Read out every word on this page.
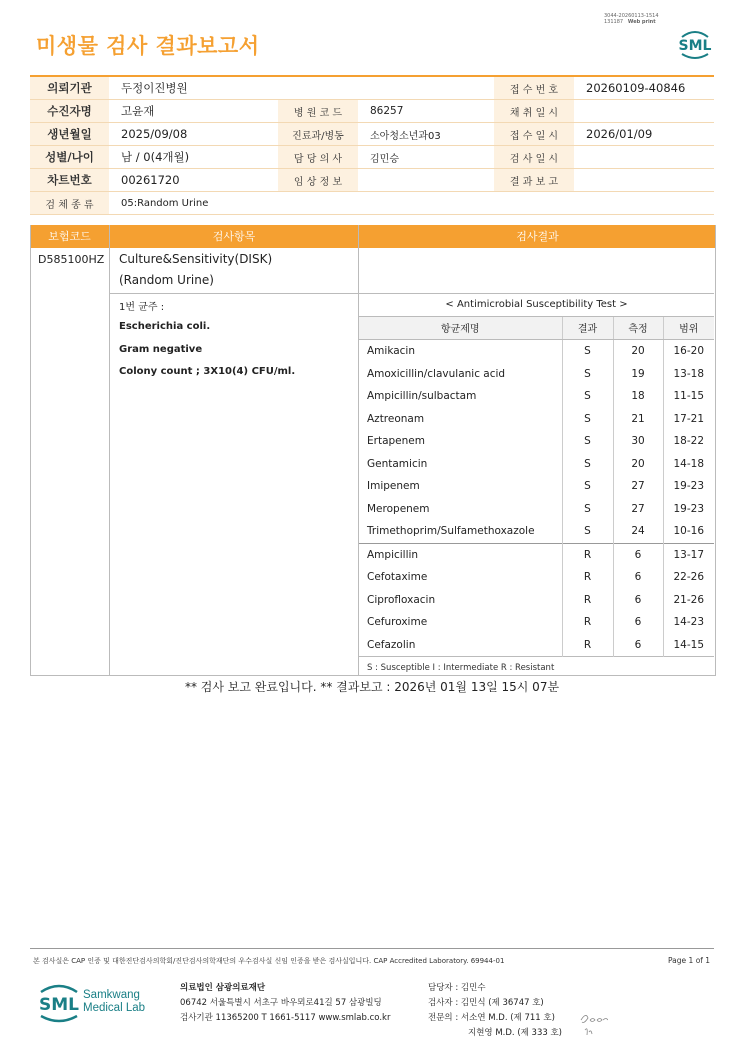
미생물 검사 결과보고서
3044-20260113-1514
131187 Web print
SML
의뢰기관	두정이진병원			접 수 번 호	20260109-40846
수진자명	고윤재	병 원 코 드	86257	채 취 일 시	
생년월일	2025/09/08	진료과/병동	소아청소년과03	접 수 일 시	2026/01/09
성별/나이	남 / 0(4개월)	담 당 의 사	김민승	검 사 일 시	
차트번호	00261720	임 상 정 보		결 과 보 고	
검 체 종 류	05:Random Urine				
보험코드	검사항목	검사결과
D585100HZ Culture&Sensitivity(DISK)
(Random Urine)
1번 균주 :
Escherichia coli.
Gram negative
Colony count ; 3X10(4) CFU/ml.
< Antimicrobial Susceptibility Test >			
항균제명	결과	측정	범위
Amikacin	S	20	16-20
Amoxicillin/clavulanic acid	S	19	13-18
Ampicillin/sulbactam	S	18	11-15
Aztreonam	S	21	17-21
Ertapenem	S	30	18-22
Gentamicin	S	20	14-18
Imipenem	S	27	19-23
Meropenem	S	27	19-23
Trimethoprim/Sulfamethoxazole	S	24	10-16
Ampicillin	R	6	13-17
Cefotaxime	R	6	22-26
Ciprofloxacin	R	6	21-26
Cefuroxime	R	6	14-23
Cefazolin	R	6	14-15
S : Susceptible I : Intermediate R : Resistant			
** 검사 보고 완료입니다. ** 결과보고 : 2026년 01월 13일 15시 07분
본 검사실은 CAP 인증 및 대한진단검사의학회/진단검사의학재단의 우수검사실 신임 인증을 받은 검사실입니다. CAP Accredited Laboratory. 69944-01	Page 1 of 1
SML Samkwang
Medical Lab
의료법인 삼광의료재단
06742 서울특별시 서초구 바우뫼로41길 57 삼광빌딩
검사기관 11365200 T 1661-5117 www.smlab.co.kr
담당자 : 김민수
검사자 : 김민식 (제 36747 호)
전문의 : 서소연 M.D. (제 711 호)
지현영 M.D. (제 333 호)
